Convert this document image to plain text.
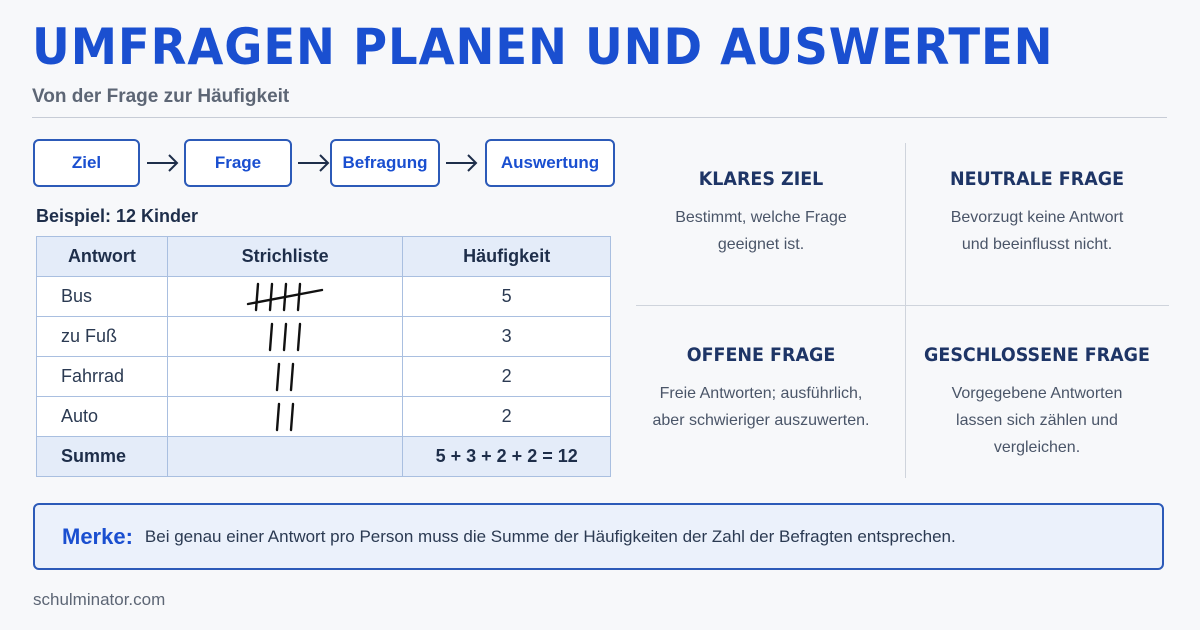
UMFRAGEN PLANEN UND AUSWERTEN
Von der Frage zur Häufigkeit
Ziel	Frage	Befragung	Auswertung
Beispiel: 12 Kinder
Antwort	Strichliste	Häufigkeit
Bus		5
zu Fuß		3
Fahrrad		2
Auto		2
Summe		5 + 3 + 2 + 2 = 12
KLARES ZIEL

Bestimmt, welche Frage
geeignet ist.

NEUTRALE FRAGE

Bevorzugt keine Antwort
und beeinflusst nicht.

OFFENE FRAGE

Freie Antworten; ausführlich,
aber schwieriger auszuwerten.

GESCHLOSSENE FRAGE

Vorgegebene Antworten
lassen sich zählen und
vergleichen.

Merke: Bei genau einer Antwort pro Person muss die Summe der Häufigkeiten der Zahl der Befragten entsprechen.
schulminator.com
